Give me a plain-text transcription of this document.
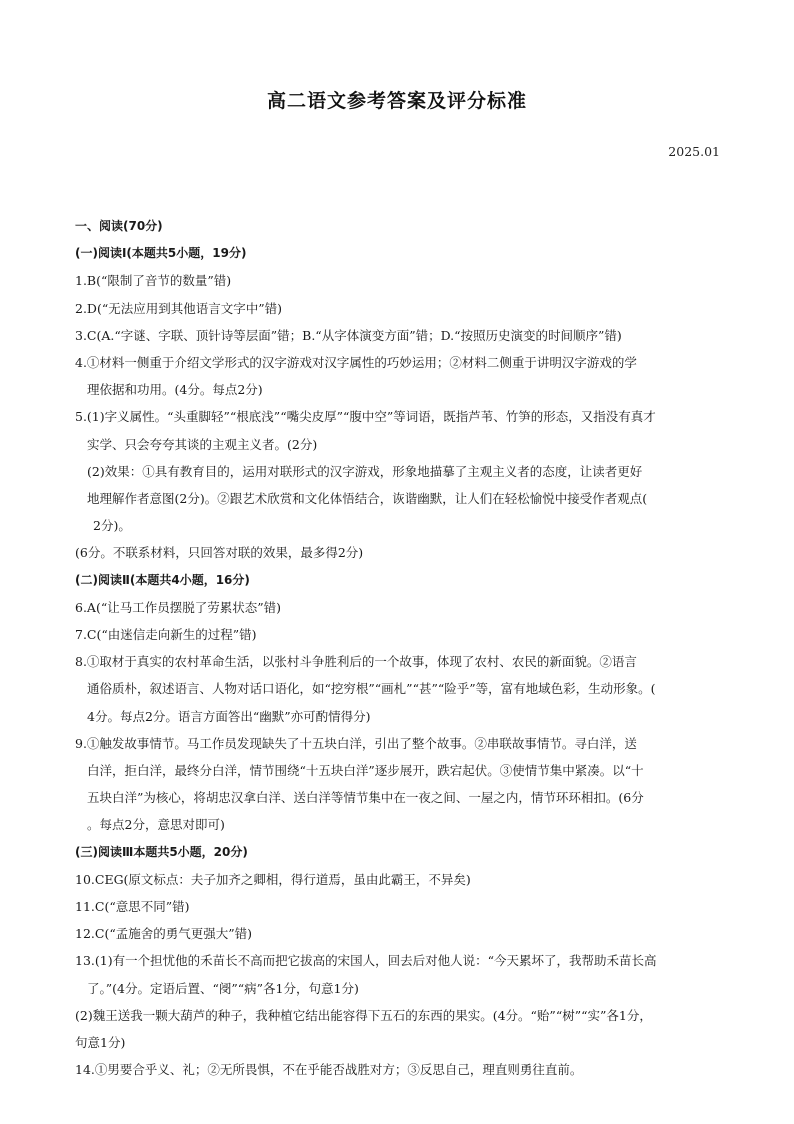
高二语文参考答案及评分标准
2025.01
一、阅读(70分)
(一)阅读I(本题共5小题，19分)
1.B(“限制了音节的数量”错)
2.D(“无法应用到其他语言文字中”错)
3.C(A.“字谜、字联、顶针诗等层面”错；B.“从字体演变方面”错；D.“按照历史演变的时间顺序”错)
4.①材料一侧重于介绍文学形式的汉字游戏对汉字属性的巧妙运用；②材料二侧重于讲明汉字游戏的学
理依据和功用。(4分。每点2分)
5.(1)字义属性。“头重脚轻”“根底浅”“嘴尖皮厚”“腹中空”等词语，既指芦苇、竹笋的形态，又指没有真才
实学、只会夸夸其谈的主观主义者。(2分)
(2)效果：①具有教育目的，运用对联形式的汉字游戏，形象地描摹了主观主义者的态度，让读者更好
地理解作者意图(2分)。②跟艺术欣赏和文化体悟结合，诙谐幽默，让人们在轻松愉悦中接受作者观点(
2分)。
(6分。不联系材料，只回答对联的效果，最多得2分)
(二)阅读Ⅱ(本题共4小题，16分)
6.A(“让马工作员摆脱了劳累状态”错)
7.C(“由迷信走向新生的过程”错)
8.①取材于真实的农村革命生活，以张村斗争胜利后的一个故事，体现了农村、农民的新面貌。②语言
通俗质朴，叙述语言、人物对话口语化，如“挖穷根”“画札”“甚”“险乎”等，富有地域色彩，生动形象。(
4分。每点2分。语言方面答出“幽默”亦可酌情得分)
9.①触发故事情节。马工作员发现缺失了十五块白洋，引出了整个故事。②串联故事情节。寻白洋，送
白洋，拒白洋，最终分白洋，情节围绕“十五块白洋”逐步展开，跌宕起伏。③使情节集中紧凑。以“十
五块白洋”为核心，将胡忠汉拿白洋、送白洋等情节集中在一夜之间、一屋之内，情节环环相扣。(6分
。每点2分，意思对即可)
(三)阅读Ⅲ本题共5小题，20分)
10.CEG(原文标点：夫子加齐之卿相，得行道焉，虽由此霸王，不异矣)
11.C(“意思不同”错)
12.C(“孟施舍的勇气更强大”错)
13.(1)有一个担忧他的禾苗长不高而把它拔高的宋国人，回去后对他人说：“今天累坏了，我帮助禾苗长高
了。”(4分。定语后置、“阌”“病”各1分，句意1分)
(2)魏王送我一颗大葫芦的种子，我种植它结出能容得下五石的东西的果实。(4分。“贻”“树”“实”各1分，
句意1分)
14.①男要合乎义、礼；②无所畏惧，不在乎能否战胜对方；③反思自己，理直则勇往直前。
